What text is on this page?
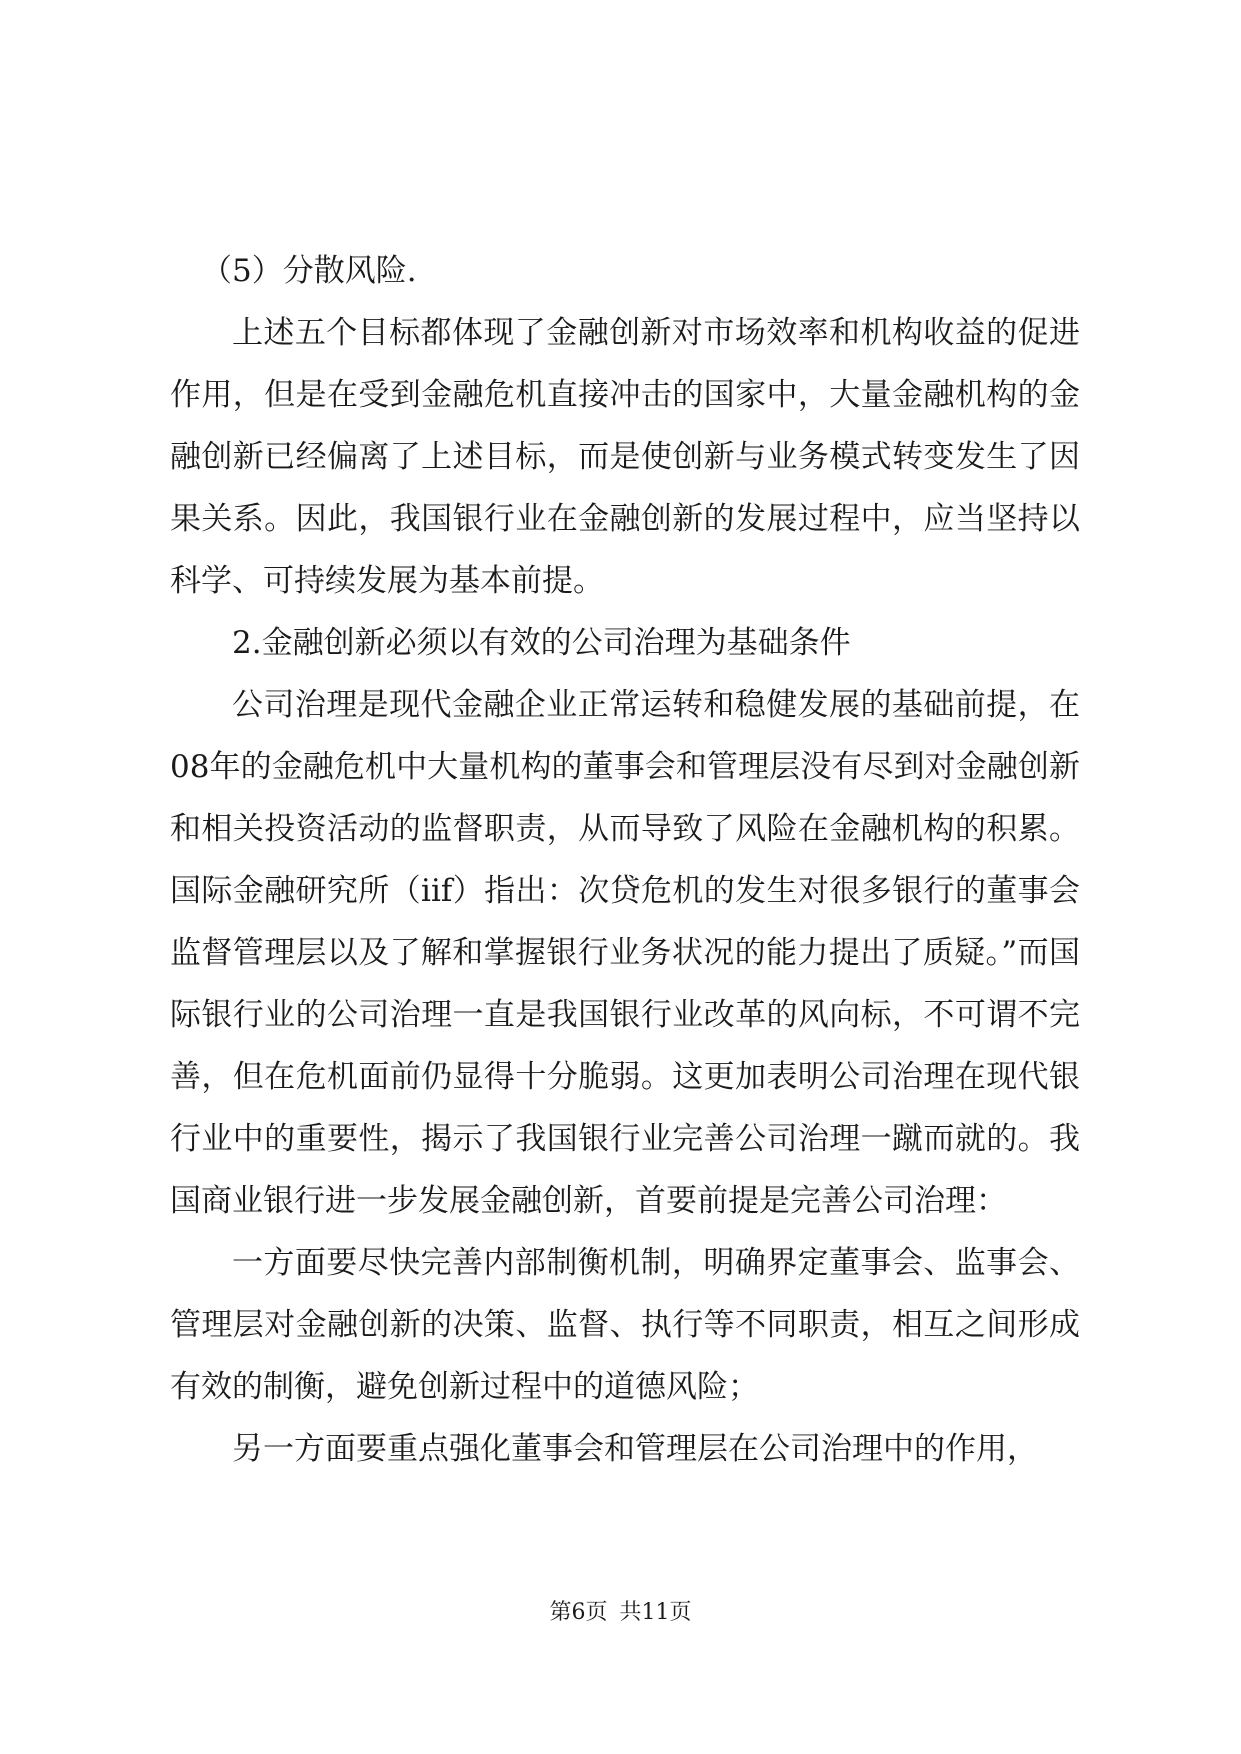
（5）分散风险.

上述五个目标都体现了金融创新对市场效率和机构收益的促进作用，但是在受到金融危机直接冲击的国家中，大量金融机构的金融创新已经偏离了上述目标，而是使创新与业务模式转变发生了因果关系。因此，我国银行业在金融创新的发展过程中，应当坚持以科学、可持续发展为基本前提。

2.金融创新必须以有效的公司治理为基础条件

公司治理是现代金融企业正常运转和稳健发展的基础前提，在08年的金融危机中大量机构的董事会和管理层没有尽到对金融创新和相关投资活动的监督职责，从而导致了风险在金融机构的积累。国际金融研究所（iif）指出：次贷危机的发生对很多银行的董事会监督管理层以及了解和掌握银行业务状况的能力提出了质疑。”而国际银行业的公司治理一直是我国银行业改革的风向标，不可谓不完善，但在危机面前仍显得十分脆弱。这更加表明公司治理在现代银行业中的重要性，揭示了我国银行业完善公司治理一蹴而就的。我国商业银行进一步发展金融创新，首要前提是完善公司治理：

一方面要尽快完善内部制衡机制，明确界定董事会、监事会、管理层对金融创新的决策、监督、执行等不同职责，相互之间形成有效的制衡，避免创新过程中的道德风险；

另一方面要重点强化董事会和管理层在公司治理中的作用，

第6页 共11页
